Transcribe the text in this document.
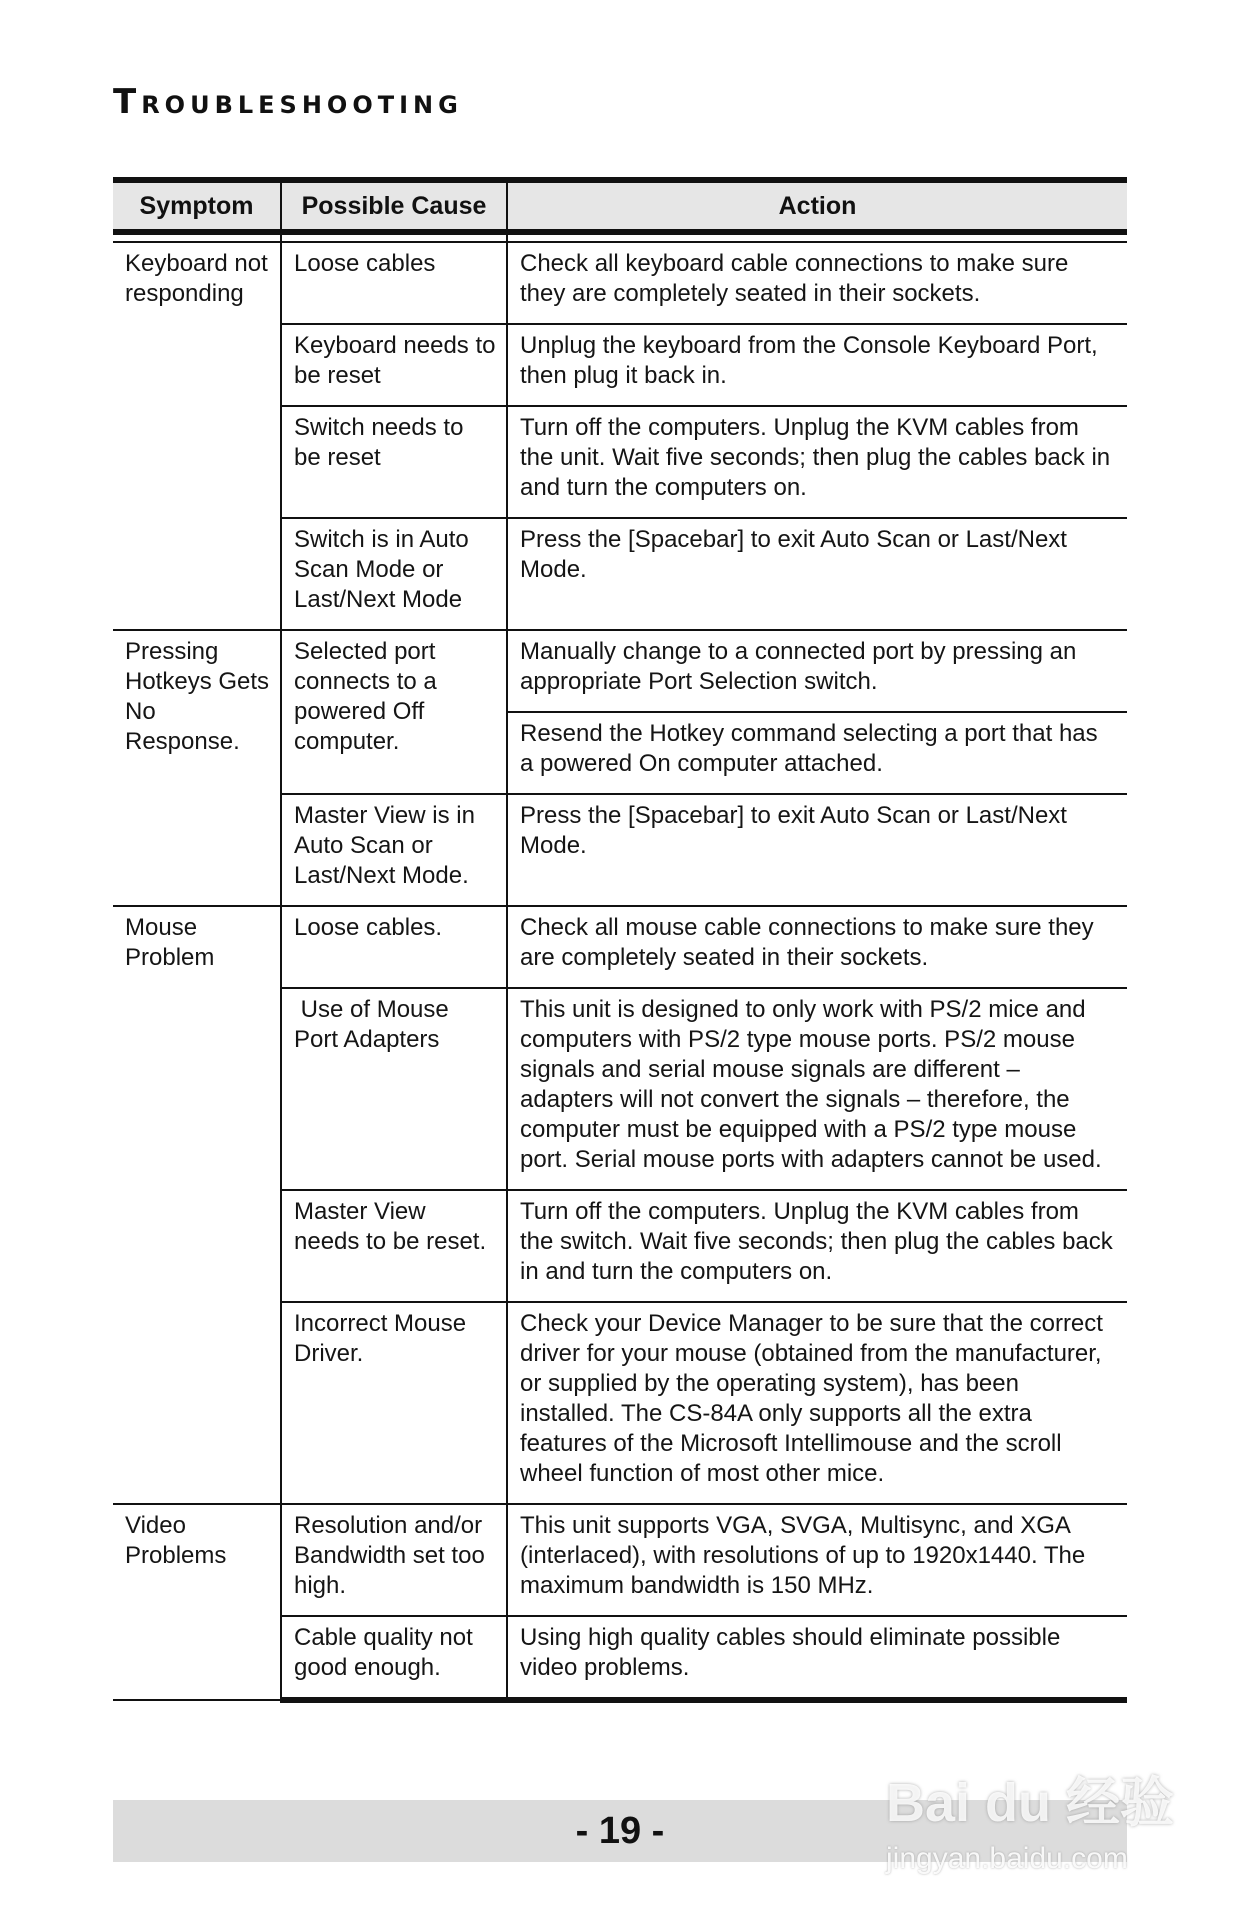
Troubleshooting
Symptom	Possible Cause	Action

Keyboard not responding	Loose cables	Check all keyboard cable connections to make sure they are completely seated in their sockets.
	Keyboard needs to be reset	Unplug the keyboard from the Console Keyboard Port, then plug it back in.
	Switch needs to be reset	Turn off the computers. Unplug the KVM cables from the unit. Wait five seconds; then plug the cables back in and turn the computers on.
	Switch is in Auto Scan Mode or Last/Next Mode	Press the [Spacebar] to exit Auto Scan or Last/Next Mode.
Pressing Hotkeys Gets No Response.	Selected port connects to a powered Off computer.	Manually change to a connected port by pressing an appropriate Port Selection switch.
		Resend the Hotkey command selecting a port that has a powered On computer attached.
	Master View is in Auto Scan or Last/Next Mode.	Press the [Spacebar] to exit Auto Scan or Last/Next Mode.
Mouse Problem	Loose cables.	Check all mouse cable connections to make sure they are completely seated in their sockets.
	Use of Mouse Port Adapters	This unit is designed to only work with PS/2 mice and computers with PS/2 type mouse ports. PS/2 mouse signals and serial mouse signals are different – adapters will not convert the signals – therefore, the computer must be equipped with a PS/2 type mouse port. Serial mouse ports with adapters cannot be used.
	Master View needs to be reset.	Turn off the computers. Unplug the KVM cables from the switch. Wait five seconds; then plug the cables back in and turn the computers on.
	Incorrect Mouse Driver.	Check your Device Manager to be sure that the correct driver for your mouse (obtained from the manufacturer, or supplied by the operating system), has been installed. The CS-84A only supports all the extra features of the Microsoft Intellimouse and the scroll wheel function of most other mice.
Video Problems	Resolution and/or Bandwidth set too high.	This unit supports VGA, SVGA, Multisync, and XGA (interlaced), with resolutions of up to 1920x1440. The maximum bandwidth is 150 MHz.
	Cable quality not good enough.	Using high quality cables should eliminate possible video problems.
- 19 -	Bai du 经验
jingyan.baidu.com
